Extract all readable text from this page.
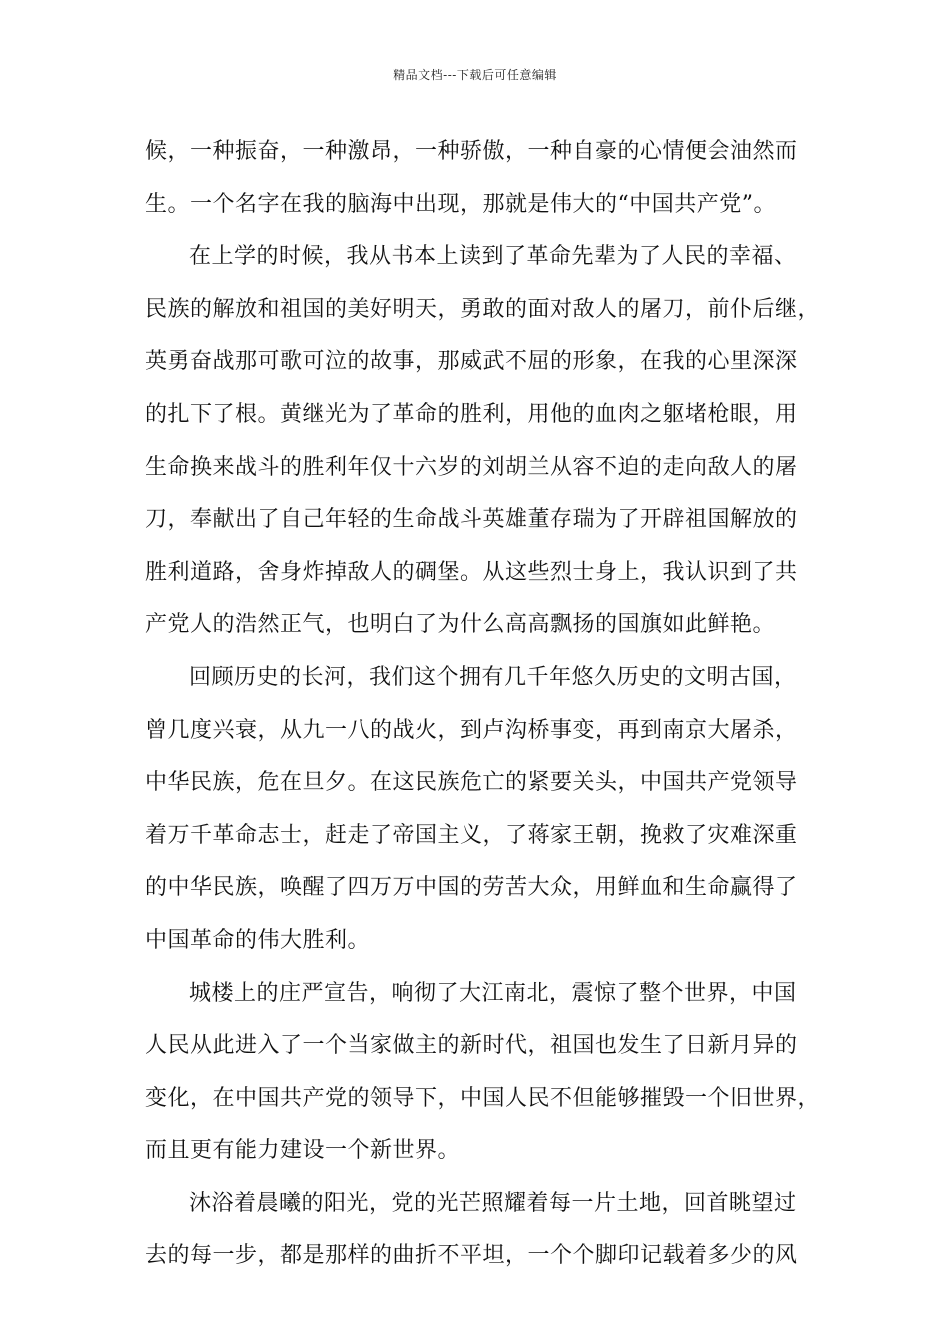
精品文档---下载后可任意编辑
候，一种振奋，一种激昂，一种骄傲，一种自豪的心情便会油然而
生。一个名字在我的脑海中出现，那就是伟大的“中国共产党”。
在上学的时候，我从书本上读到了革命先辈为了人民的幸福、
民族的解放和祖国的美好明天，勇敢的面对敌人的屠刀，前仆后继，
英勇奋战那可歌可泣的故事，那威武不屈的形象，在我的心里深深
的扎下了根。黄继光为了革命的胜利，用他的血肉之躯堵枪眼，用
生命换来战斗的胜利年仅十六岁的刘胡兰从容不迫的走向敌人的屠
刀，奉献出了自己年轻的生命战斗英雄董存瑞为了开辟祖国解放的
胜利道路，舍身炸掉敌人的碉堡。从这些烈士身上，我认识到了共
产党人的浩然正气，也明白了为什么高高飘扬的国旗如此鲜艳。
回顾历史的长河，我们这个拥有几千年悠久历史的文明古国，
曾几度兴衰，从九一八的战火，到卢沟桥事变，再到南京大屠杀，
中华民族，危在旦夕。在这民族危亡的紧要关头，中国共产党领导
着万千革命志士，赶走了帝国主义，了蒋家王朝，挽救了灾难深重
的中华民族，唤醒了四万万中国的劳苦大众，用鲜血和生命赢得了
中国革命的伟大胜利。
城楼上的庄严宣告，响彻了大江南北，震惊了整个世界，中国
人民从此进入了一个当家做主的新时代，祖国也发生了日新月异的
变化，在中国共产党的领导下，中国人民不但能够摧毁一个旧世界，
而且更有能力建设一个新世界。
沐浴着晨曦的阳光，党的光芒照耀着每一片土地，回首眺望过
去的每一步，都是那样的曲折不平坦，一个个脚印记载着多少的风
